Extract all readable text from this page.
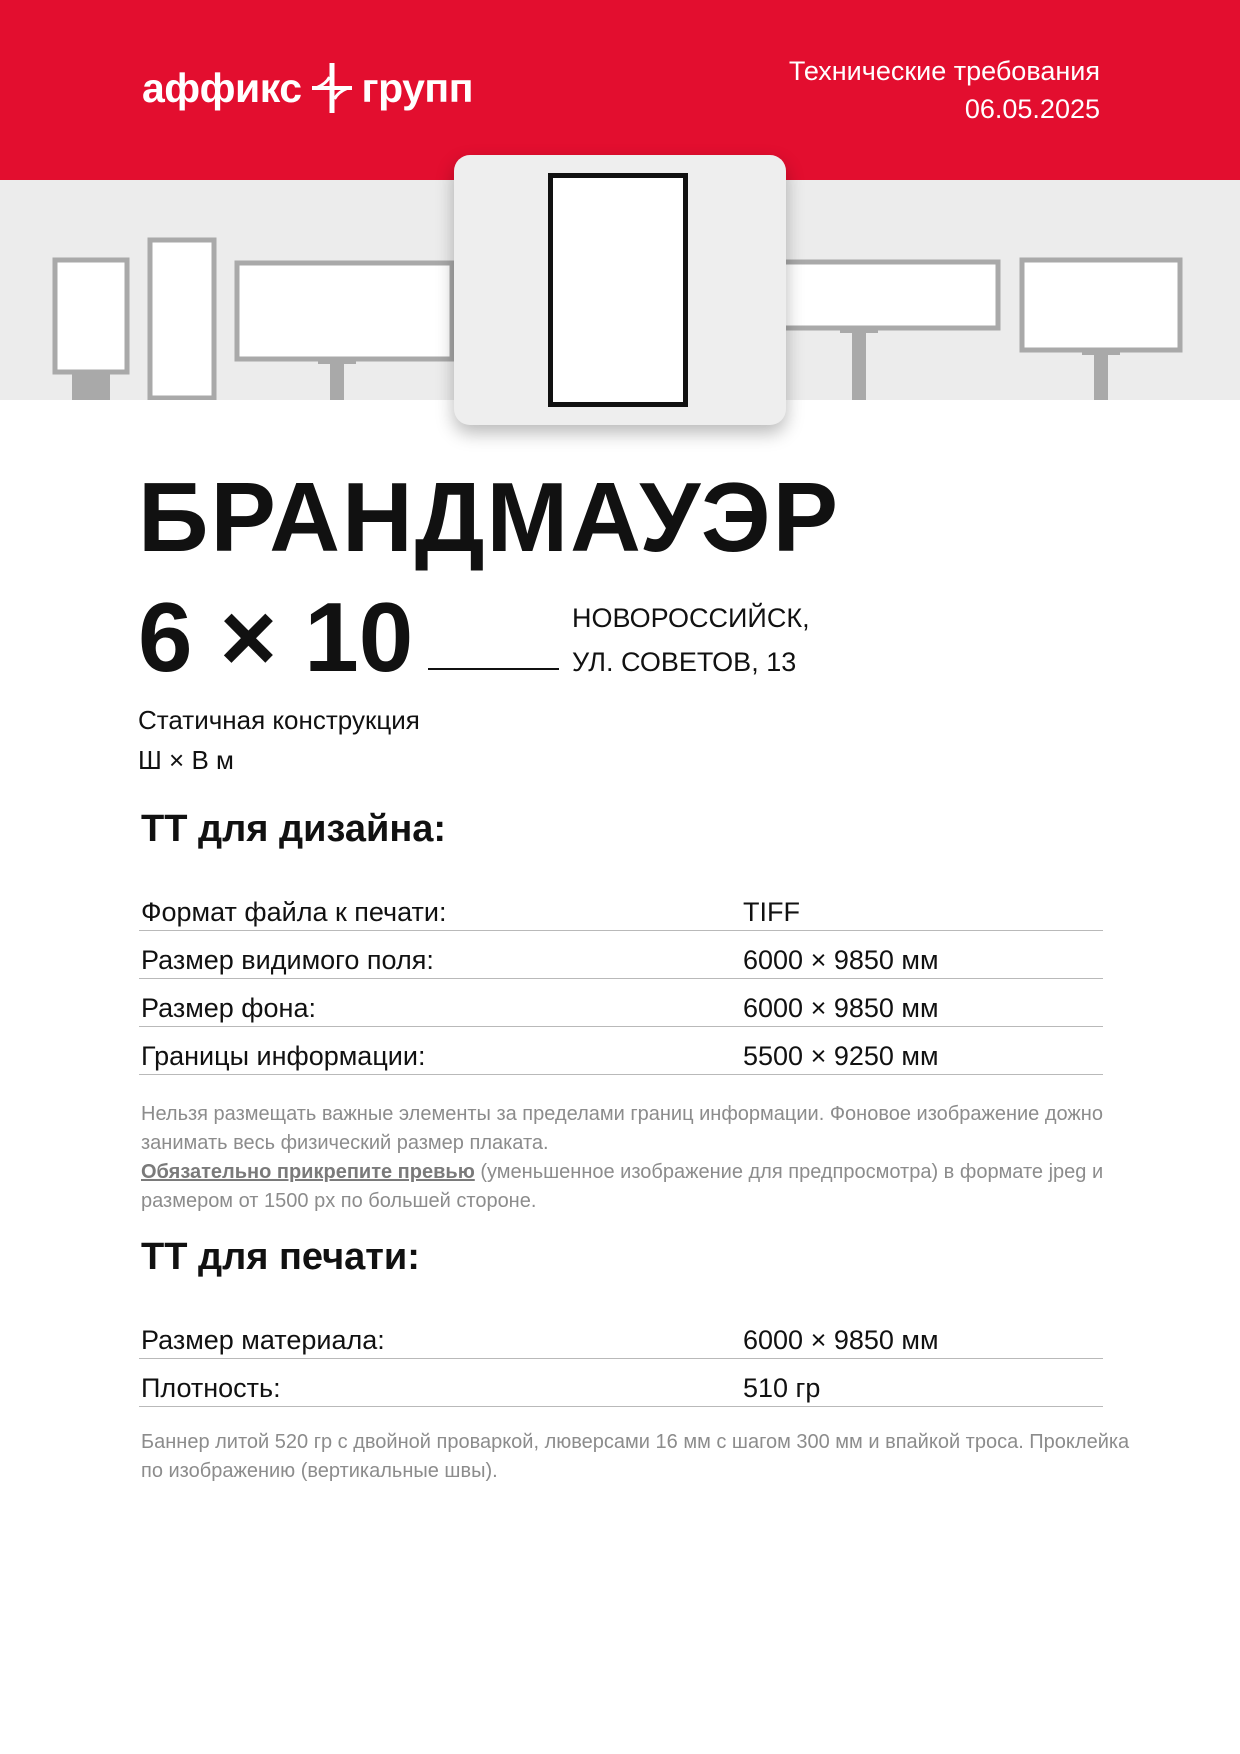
аффикс групп	Технические требования
06.05.2025
БРАНДМАУЭР
6 × 10	НОВОРОССИЙСК,
УЛ. СОВЕТОВ, 13
Статичная конструкция
Ш × В м
ТТ для дизайна:
Формат файла к печати:	TIFF
Размер видимого поля:	6000 × 9850 мм
Размер фона:	6000 × 9850 мм
Границы информации:	5500 × 9250 мм
Нельзя размещать важные элементы за пределами границ информации. Фоновое изображение дожно занимать весь физический размер плаката.
Обязательно прикрепите превью (уменьшенное изображение для предпросмотра) в формате jpeg и размером от 1500 px по большей стороне.
ТТ для печати:
Размер материала:	6000 × 9850 мм
Плотность:	510 гр
Баннер литой 520 гр с двойной проваркой, люверсами 16 мм с шагом 300 мм и впайкой троса. Проклейка по изображению (вертикальные швы).
